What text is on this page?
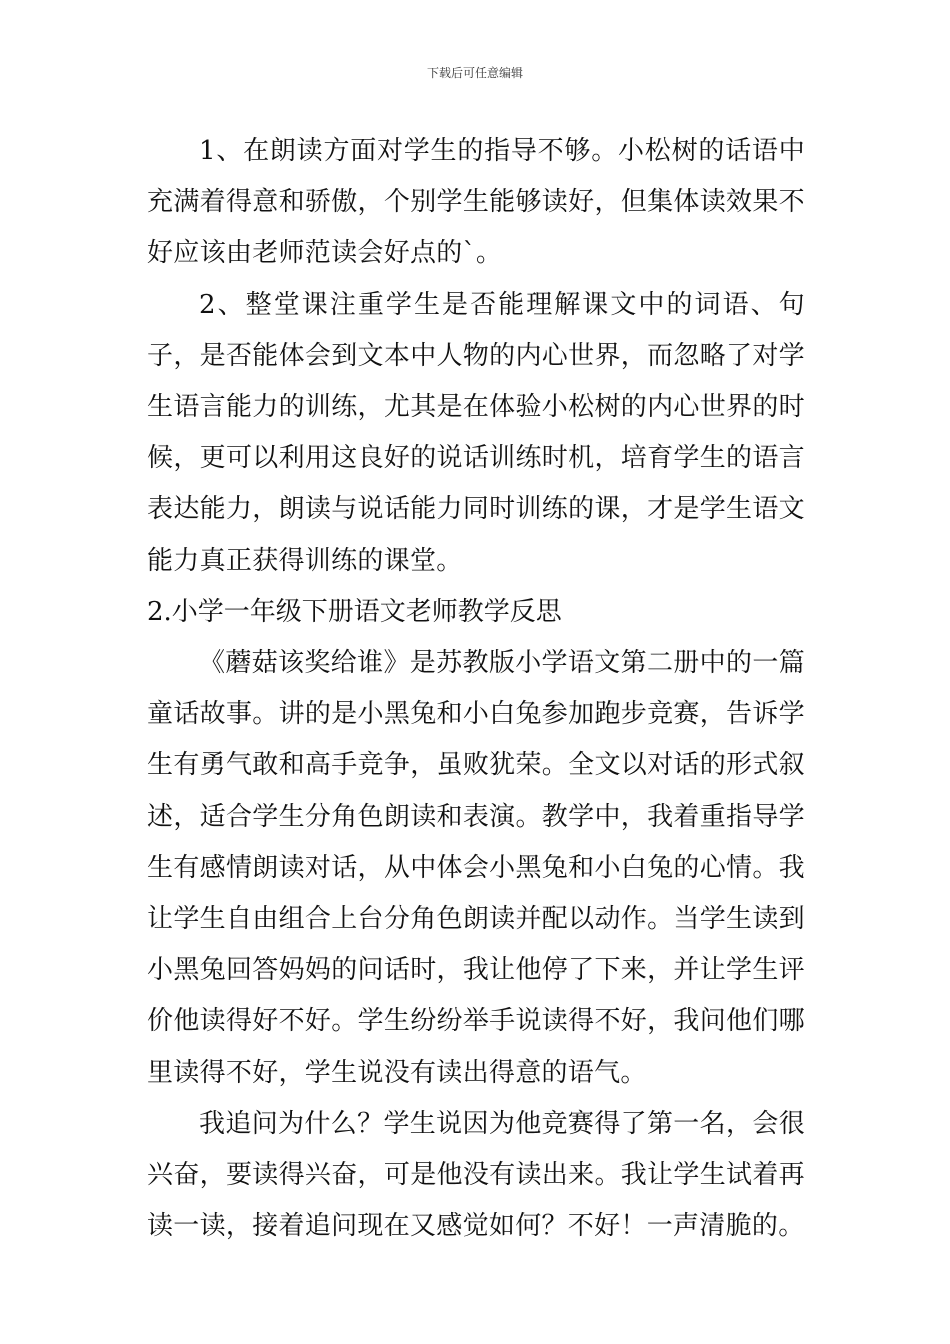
下载后可任意编辑

1、在朗读方面对学生的指导不够。小松树的话语中充满着得意和骄傲，个别学生能够读好，但集体读效果不好应该由老师范读会好点的`。

2、整堂课注重学生是否能理解课文中的词语、句子，是否能体会到文本中人物的内心世界，而忽略了对学生语言能力的训练，尤其是在体验小松树的内心世界的时候，更可以利用这良好的说话训练时机，培育学生的语言表达能力，朗读与说话能力同时训练的课，才是学生语文能力真正获得训练的课堂。

2.小学一年级下册语文老师教学反思

《蘑菇该奖给谁》是苏教版小学语文第二册中的一篇童话故事。讲的是小黑兔和小白兔参加跑步竞赛，告诉学生有勇气敢和高手竞争，虽败犹荣。全文以对话的形式叙述，适合学生分角色朗读和表演。教学中，我着重指导学生有感情朗读对话，从中体会小黑兔和小白兔的心情。我让学生自由组合上台分角色朗读并配以动作。当学生读到小黑兔回答妈妈的问话时，我让他停了下来，并让学生评价他读得好不好。学生纷纷举手说读得不好，我问他们哪里读得不好，学生说没有读出得意的语气。

我追问为什么？学生说因为他竞赛得了第一名，会很兴奋，要读得兴奋，可是他没有读出来。我让学生试着再读一读，接着追问现在又感觉如何？不好！一声清脆的。
